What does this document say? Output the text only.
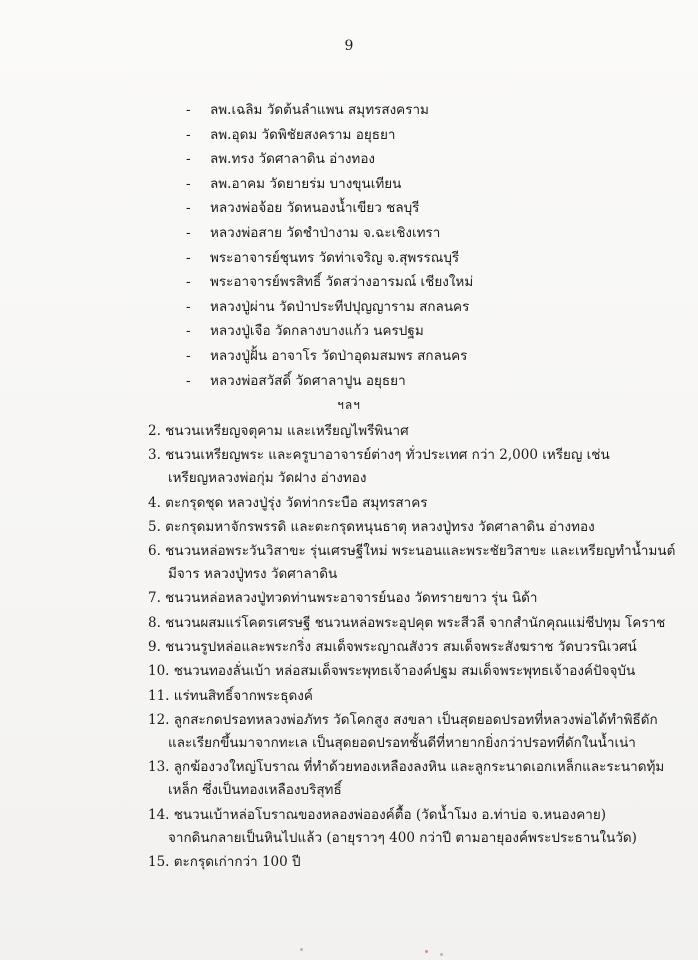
9
- ลพ.เฉลิม วัดต้นลำแพน สมุทรสงคราม
- ลพ.อุดม วัดพิชัยสงคราม อยุธยา
- ลพ.ทรง วัดศาลาดิน อ่างทอง
- ลพ.อาคม วัดยายร่ม บางขุนเทียน
- หลวงพ่อจ้อย วัดหนองน้ำเขียว ชลบุรี
- หลวงพ่อสาย วัดชำป่างาม จ.ฉะเชิงเทรา
- พระอาจารย์ชุนทร วัดท่าเจริญ จ.สุพรรณบุรี
- พระอาจารย์พรสิทธิ์ วัดสว่างอารมณ์ เชียงใหม่
- หลวงปู่ผ่าน วัดป่าประทีปปุญญาราม สกลนคร
- หลวงปู่เจือ วัดกลางบางแก้ว นครปฐม
- หลวงปู่ฝั้น อาจาโร วัดป่าอุดมสมพร สกลนคร
- หลวงพ่อสวัสดิ์ วัดศาลาปูน อยุธยา
ฯลฯ
2. ชนวนเหรียญจตุคาม และเหรียญไพรีพินาศ
3. ชนวนเหรียญพระ และครูบาอาจารย์ต่างๆ ทั่วประเทศ กว่า 2,000 เหรียญ เช่น
เหรียญหลวงพ่อกุ่ม วัดฝาง อ่างทอง
4. ตะกรุดชุด หลวงปู่รุ่ง วัดท่ากระบือ สมุทรสาคร
5. ตะกรุดมหาจักรพรรดิ และตะกรุดหนุนธาตุ หลวงปู่ทรง วัดศาลาดิน อ่างทอง
6. ชนวนหล่อพระวันวิสาขะ รุ่นเศรษฐีใหม่ พระนอนและพระชัยวิสาขะ และเหรียญทำน้ำมนต์
มีจาร หลวงปู่ทรง วัดศาลาดิน
7. ชนวนหล่อหลวงปู่ทวดท่านพระอาจารย์นอง วัดทรายขาว รุ่น นิด้า
8. ชนวนผสมแร่โคตรเศรษฐี ชนวนหล่อพระอุปคุต พระสีวลี จากสำนักคุณแม่ชีปทุม โคราช
9. ชนวนรูปหล่อและพระกริ่ง สมเด็จพระญาณสังวร สมเด็จพระสังฆราช วัดบวรนิเวศน์
10. ชนวนทองลั่นเบ้า หล่อสมเด็จพระพุทธเจ้าองค์ปฐม สมเด็จพระพุทธเจ้าองค์ปัจจุบัน
11. แร่ทนสิทธิ์จากพระธุดงค์
12. ลูกสะกดปรอทหลวงพ่อภัทร วัดโคกสูง สงขลา เป็นสุดยอดปรอทที่หลวงพ่อได้ทำพิธีดัก
และเรียกขึ้นมาจากทะเล เป็นสุดยอดปรอทชั้นดีที่หายากยิ่งกว่าปรอทที่ดักในน้ำเน่า
13. ลูกฆ้องวงใหญ่โบราณ ที่ทำด้วยทองเหลืองลงหิน และลูกระนาดเอกเหล็กและระนาดทุ้ม
เหล็ก ซึ่งเป็นทองเหลืองบริสุทธิ์
14. ชนวนเบ้าหล่อโบราณของหลองพ่อองค์ตื้อ (วัดน้ำโมง อ.ท่าบ่อ จ.หนองคาย)
จากดินกลายเป็นหินไปแล้ว (อายุราวๆ 400 กว่าปี ตามอายุองค์พระประธานในวัด)
15. ตะกรุดเก่ากว่า 100 ปี
